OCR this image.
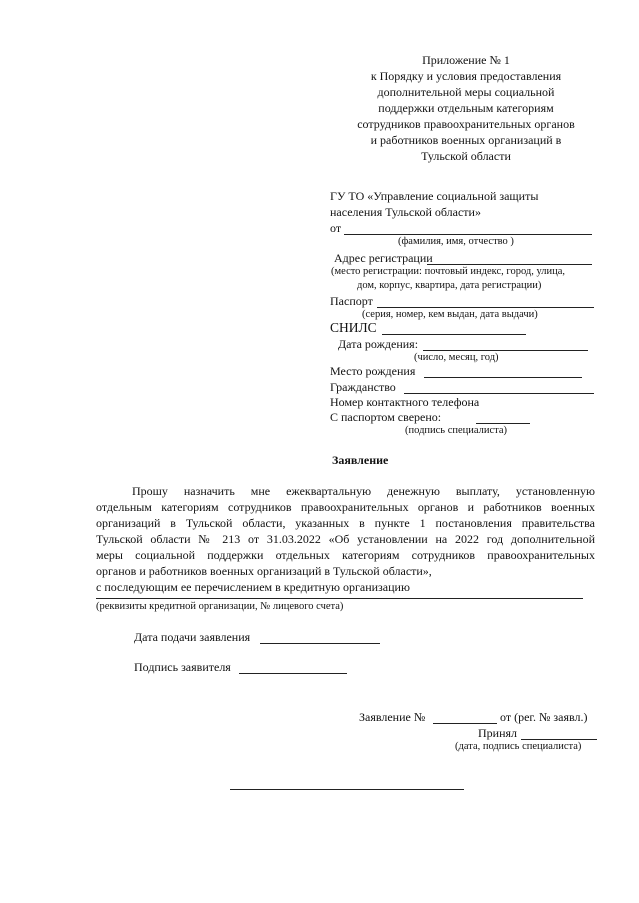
Приложение № 1
к Порядку и условия предоставления
дополнительной меры социальной
поддержки отдельным категориям
сотрудников правоохранительных органов
и работников военных организаций в
Тульской области
ГУ ТО «Управление социальной защиты
населения Тульской области»
от
(фамилия, имя, отчество )
Адрес регистрации
(место регистрации: почтовый индекс, город, улица,
дом, корпус, квартира, дата регистрации)
Паспорт
(серия, номер, кем выдан, дата выдачи)
СНИЛС
Дата рождения:
(число, месяц, год)
Место рождения
Гражданство
Номер контактного телефона
С паспортом сверено:
(подпись специалиста)
Заявление
Прошу назначить мне ежеквартальную денежную выплату, установленную
отдельным категориям сотрудников правоохранительных органов и работников военных
организаций в Тульской области, указанных в пункте 1 постановления правительства
Тульской области № 213 от 31.03.2022 «Об установлении на 2022 год дополнительной
меры социальной поддержки отдельных категориям сотрудников правоохранительных
органов и работников военных организаций в Тульской области»,
с последующим ее перечислением в кредитную организацию
(реквизиты кредитной организации, № лицевого счета)
Дата подачи заявления
Подпись заявителя
Заявление №	от (рег. № заявл.)
Принял
(дата, подпись специалиста)
